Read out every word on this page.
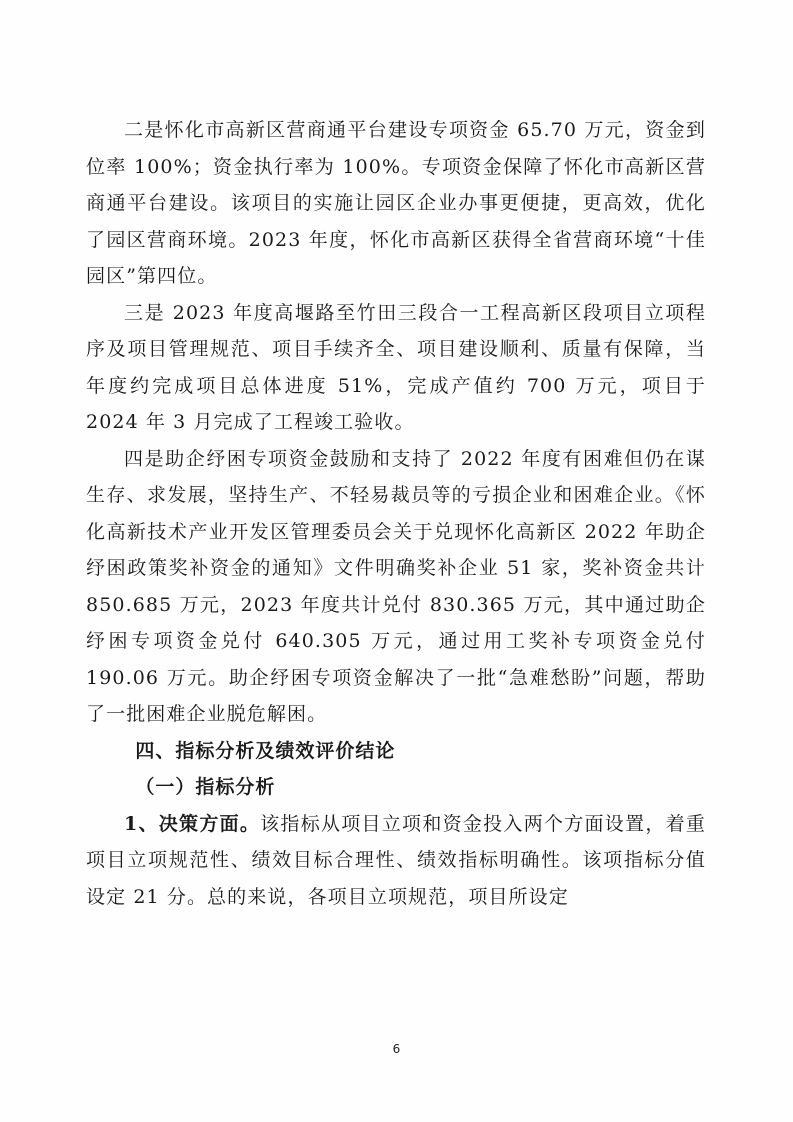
二是怀化市高新区营商通平台建设专项资金 65.70 万元，资金到位率 100%；资金执行率为 100%。专项资金保障了怀化市高新区营商通平台建设。该项目的实施让园区企业办事更便捷，更高效，优化了园区营商环境。2023 年度，怀化市高新区获得全省营商环境“十佳园区”第四位。

三是 2023 年度高堰路至竹田三段合一工程高新区段项目立项程序及项目管理规范、项目手续齐全、项目建设顺利、质量有保障，当年度约完成项目总体进度 51%，完成产值约 700 万元，项目于 2024 年 3 月完成了工程竣工验收。

四是助企纾困专项资金鼓励和支持了 2022 年度有困难但仍在谋生存、求发展，坚持生产、不轻易裁员等的亏损企业和困难企业。《怀化高新技术产业开发区管理委员会关于兑现怀化高新区 2022 年助企纾困政策奖补资金的通知》文件明确奖补企业 51 家，奖补资金共计 850.685 万元，2023 年度共计兑付 830.365 万元，其中通过助企纾困专项资金兑付 640.305 万元，通过用工奖补专项资金兑付 190.06 万元。助企纾困专项资金解决了一批“急难愁盼”问题，帮助了一批困难企业脱危解困。

四、指标分析及绩效评价结论

（一）指标分析

1、决策方面。该指标从项目立项和资金投入两个方面设置，着重项目立项规范性、绩效目标合理性、绩效指标明确性。该项指标分值设定 21 分。总的来说，各项目立项规范，项目所设定

6
